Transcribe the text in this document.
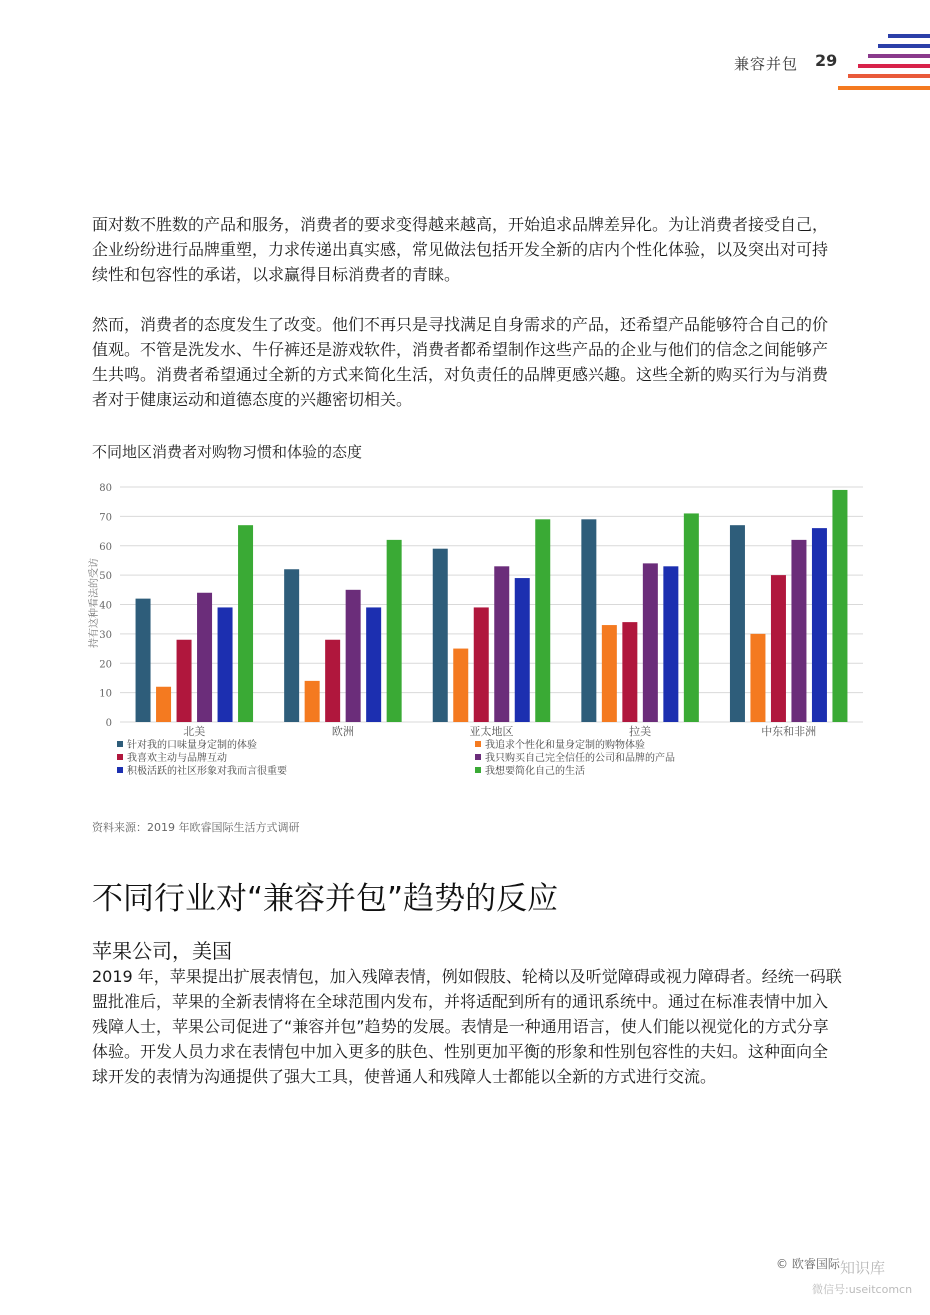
兼容并包 29

面对数不胜数的产品和服务，消费者的要求变得越来越高，开始追求品牌差异化。为让消费者接受自己，企业纷纷进行品牌重塑，力求传递出真实感，常见做法包括开发全新的店内个性化体验，以及突出对可持续性和包容性的承诺，以求赢得目标消费者的青睐。

然而，消费者的态度发生了改变。他们不再只是寻找满足自身需求的产品，还希望产品能够符合自己的价值观。不管是洗发水、牛仔裤还是游戏软件，消费者都希望制作这些产品的企业与他们的信念之间能够产生共鸣。消费者希望通过全新的方式来简化生活，对负责任的品牌更感兴趣。这些全新的购买行为与消费者对于健康运动和道德态度的兴趣密切相关。

不同地区消费者对购物习惯和体验的态度
0
10
20
30
40
50
60
70
80
持有这种看法的受访
北美	欧洲	亚太地区	拉美	中东和非洲
针对我的口味量身定制的体验	我追求个性化和量身定制的购物体验
我喜欢主动与品牌互动	我只购买自己完全信任的公司和品牌的产品
积极活跃的社区形象对我而言很重要	我想要简化自己的生活
资料来源：2019 年欧睿国际生活方式调研
不同行业对“兼容并包”趋势的反应
苹果公司，美国

2019 年，苹果提出扩展表情包，加入残障表情，例如假肢、轮椅以及听觉障碍或视力障碍者。经统一码联盟批准后，苹果的全新表情将在全球范围内发布，并将适配到所有的通讯系统中。通过在标准表情中加入残障人士，苹果公司促进了“兼容并包”趋势的发展。表情是一种通用语言，使人们能以视觉化的方式分享体验。开发人员力求在表情包中加入更多的肤色、性别更加平衡的形象和性别包容性的夫妇。这种面向全球开发的表情为沟通提供了强大工具，使普通人和残障人士都能以全新的方式进行交流。

© 欧睿国际 知识库
微信号:useitcomcn
